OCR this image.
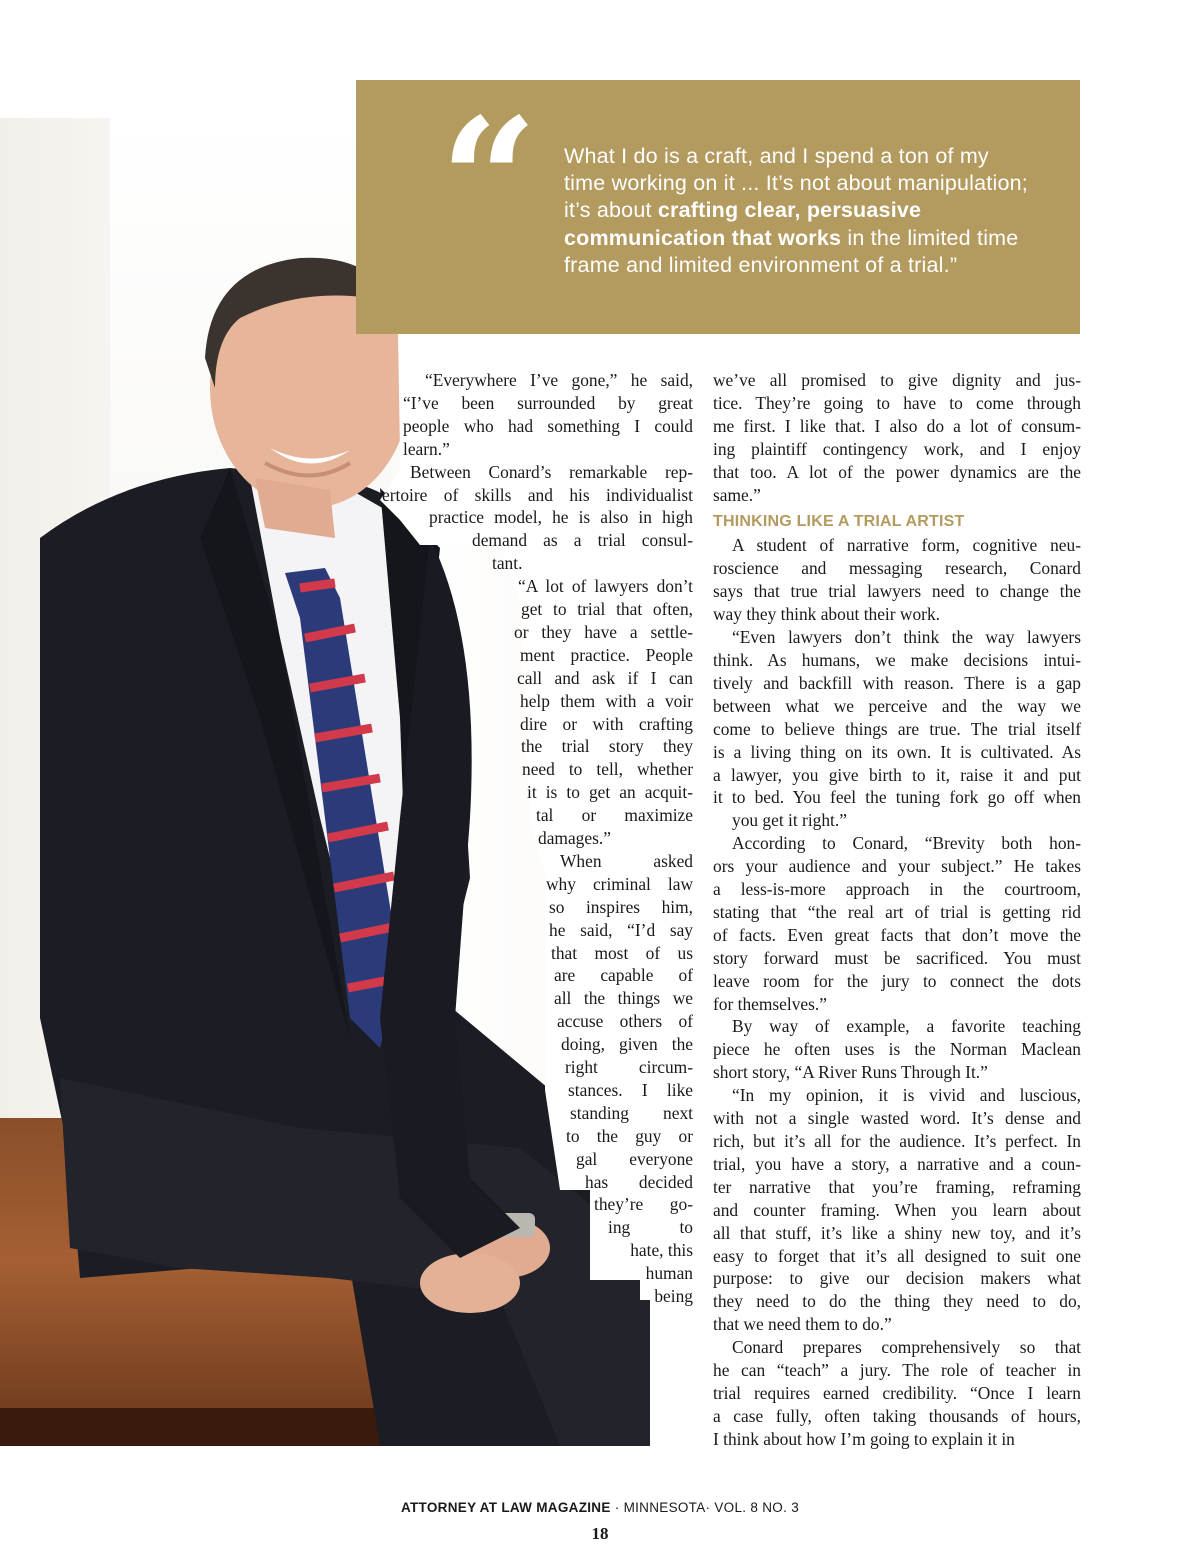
“ What I do is a craft, and I spend a ton of my time working on it ... It’s not about manipulation; it’s about crafting clear, persuasive communication that works in the limited time frame and limited environment of a trial.”
“Everywhere I’ve gone,” he said,
“I’ve been surrounded by great
people who had something I could
learn.”
Between Conard’s remarkable rep-
ertoire of skills and his individualist
practice model, he is also in high
demand as a trial consul-
tant.
“A lot of lawyers don’t
get to trial that often,
or they have a settle-
ment practice. People
call and ask if I can
help them with a voir
dire or with crafting
the trial story they
need to tell, whether
it is to get an acquit-
tal or maximize
damages.”
When asked
why criminal law
so inspires him,
he said, “I’d say
that most of us
are capable of
all the things we
accuse others of
doing, given the
right circum-
stances. I like
standing next
to the guy or
gal everyone
has decided
they’re go-
ing to
hate, this
human
being
we’ve all promised to give dignity and jus-
tice. They’re going to have to come through
me first. I like that. I also do a lot of consum-
ing plaintiff contingency work, and I enjoy
that too. A lot of the power dynamics are the
same.”
THINKING LIKE A TRIAL ARTIST
A student of narrative form, cognitive neu-
roscience and messaging research, Conard
says that true trial lawyers need to change the
way they think about their work.
“Even lawyers don’t think the way lawyers
think. As humans, we make decisions intui-
tively and backfill with reason. There is a gap
between what we perceive and the way we
come to believe things are true. The trial itself
is a living thing on its own. It is cultivated. As
a lawyer, you give birth to it, raise it and put
it to bed. You feel the tuning fork go off when
you get it right.”
According to Conard, “Brevity both hon-
ors your audience and your subject.” He takes
a less-is-more approach in the courtroom,
stating that “the real art of trial is getting rid
of facts. Even great facts that don’t move the
story forward must be sacrificed. You must
leave room for the jury to connect the dots
for themselves.”
By way of example, a favorite teaching
piece he often uses is the Norman Maclean
short story, “A River Runs Through It.”
“In my opinion, it is vivid and luscious,
with not a single wasted word. It’s dense and
rich, but it’s all for the audience. It’s perfect. In
trial, you have a story, a narrative and a coun-
ter narrative that you’re framing, reframing
and counter framing. When you learn about
all that stuff, it’s like a shiny new toy, and it’s
easy to forget that it’s all designed to suit one
purpose: to give our decision makers what
they need to do the thing they need to do,
that we need them to do.”
Conard prepares comprehensively so that
he can “teach” a jury. The role of teacher in
trial requires earned credibility. “Once I learn
a case fully, often taking thousands of hours,
I think about how I’m going to explain it in
ATTORNEY AT LAW MAGAZINE · MINNESOTA· VOL. 8 NO. 3
18
